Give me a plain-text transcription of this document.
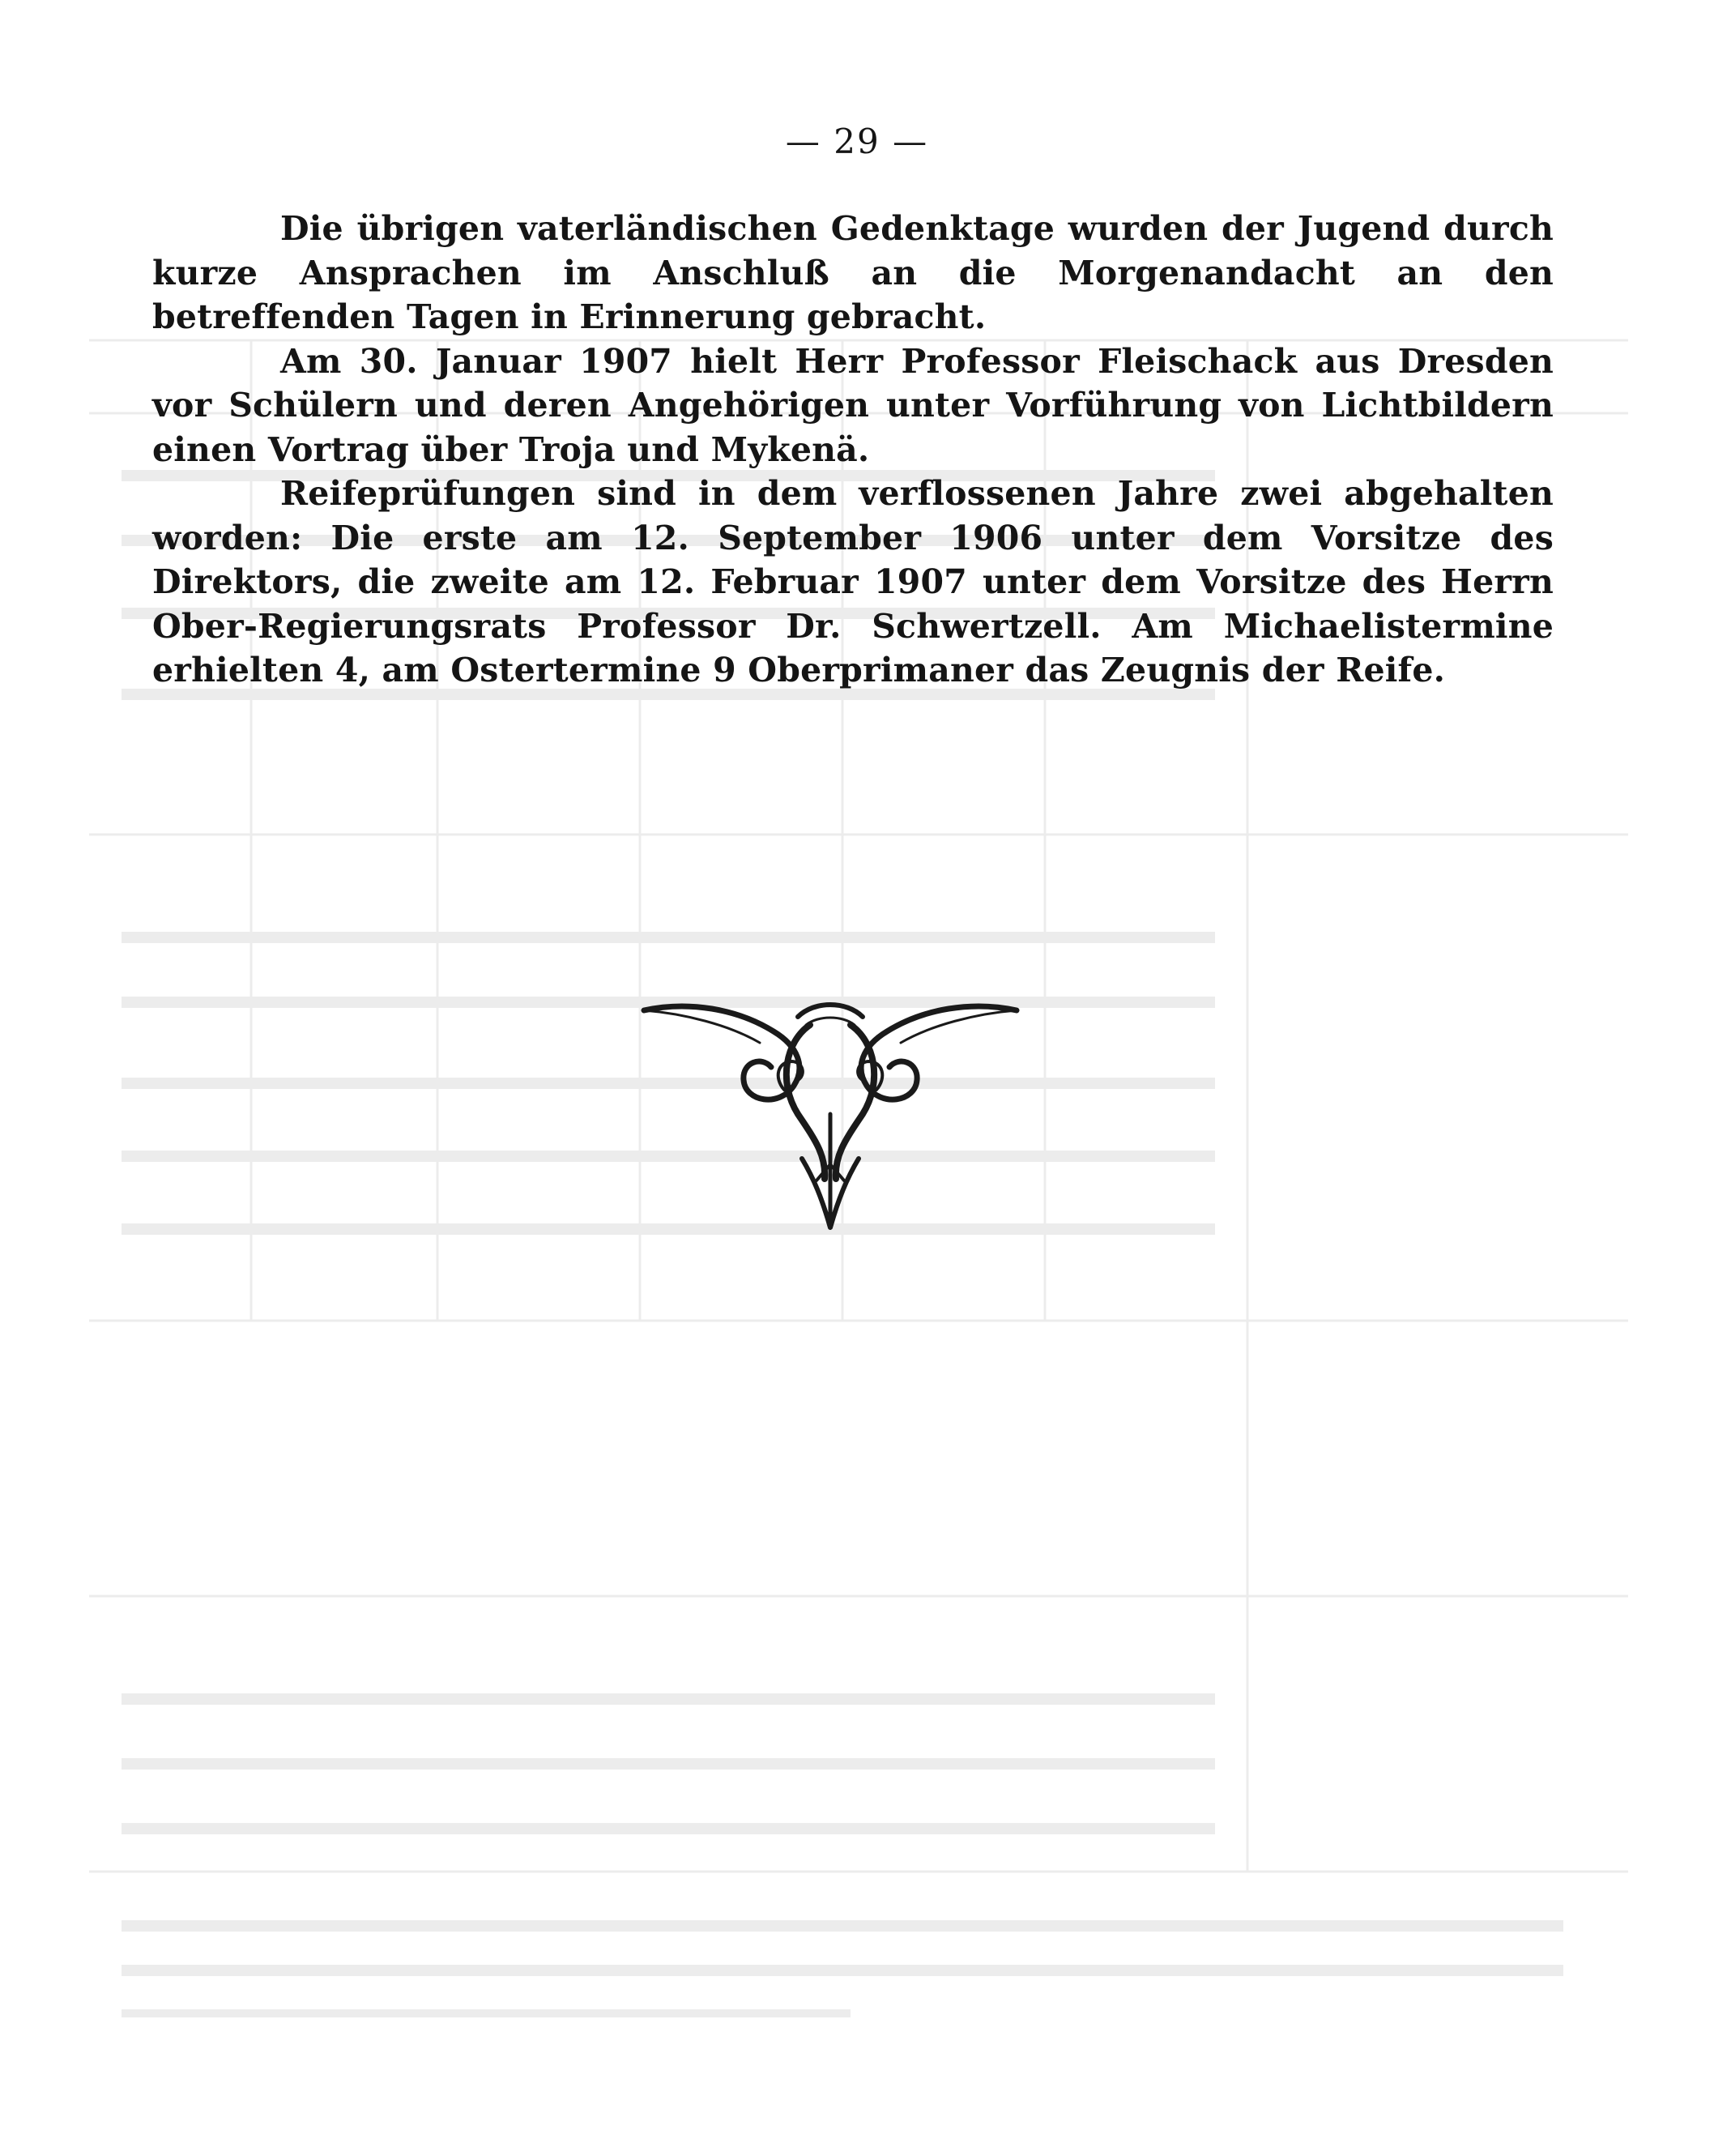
— 29 —

Die übrigen vaterländischen Gedenktage wurden der Jugend durch kurze Ansprachen im Anschluß an die Morgenandacht an den betreffenden Tagen in Erinnerung gebracht.

Am 30. Januar 1907 hielt Herr Professor Fleischack aus Dresden vor Schülern und deren Angehörigen unter Vorführung von Lichtbildern einen Vortrag über Troja und Mykenä.

Reifeprüfungen sind in dem verflossenen Jahre zwei abgehalten worden: Die erste am 12. September 1906 unter dem Vorsitze des Direktors, die zweite am 12. Februar 1907 unter dem Vorsitze des Herrn Ober-Regierungsrats Professor Dr. Schwertzell. Am Michaelistermine erhielten 4, am Ostertermine 9 Oberprimaner das Zeugnis der Reife.
